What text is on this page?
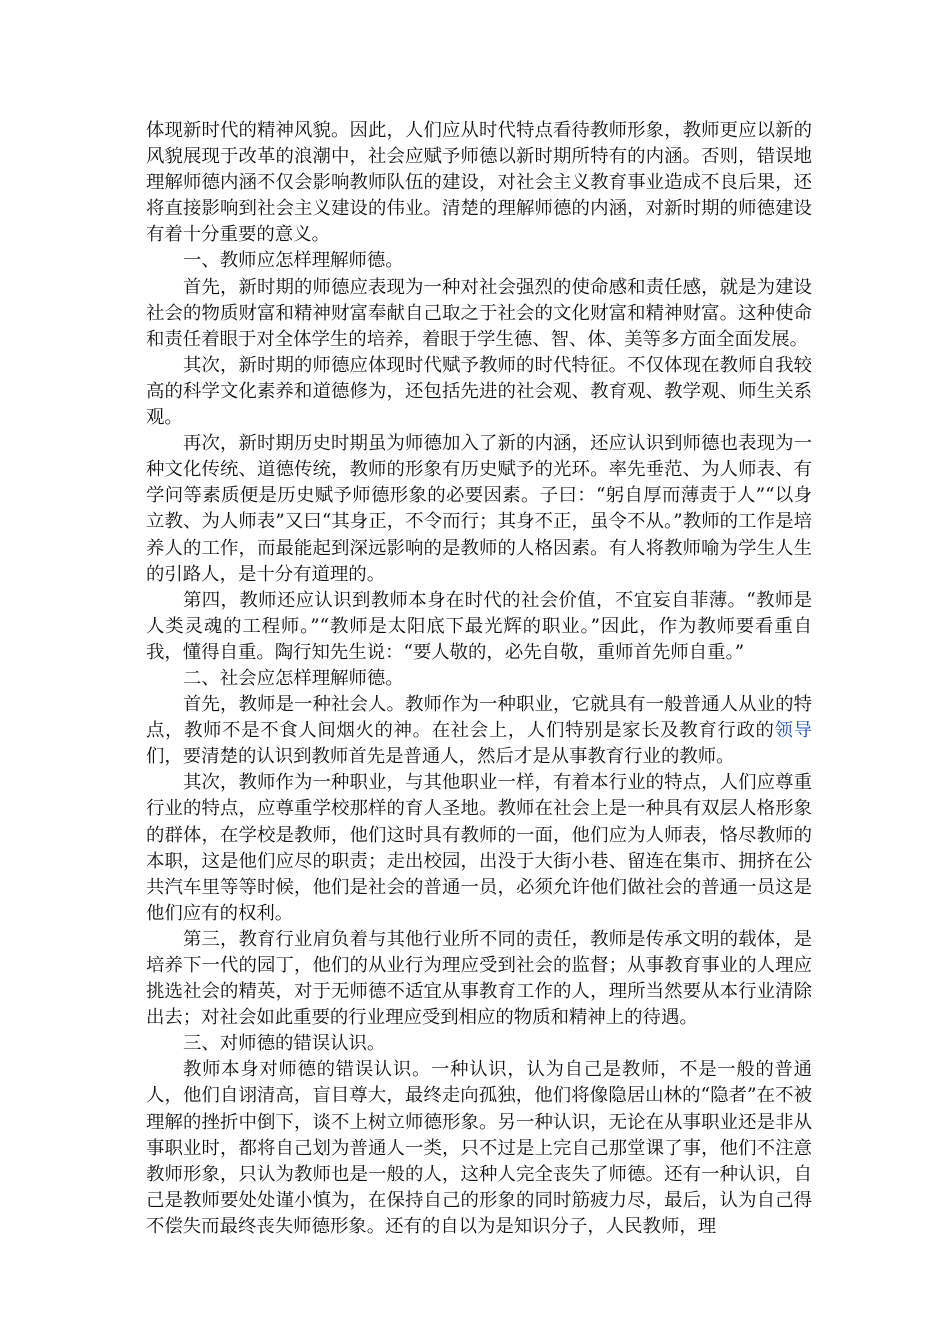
体现新时代的精神风貌。因此，人们应从时代特点看待教师形象，教师更应以新的风貌展现于改革的浪潮中，社会应赋予师德以新时期所特有的内涵。否则，错误地理解师德内涵不仅会影响教师队伍的建设，对社会主义教育事业造成不良后果，还将直接影响到社会主义建设的伟业。清楚的理解师德的内涵，对新时期的师德建设有着十分重要的意义。

一、教师应怎样理解师德。

首先，新时期的师德应表现为一种对社会强烈的使命感和责任感，就是为建设社会的物质财富和精神财富奉献自己取之于社会的文化财富和精神财富。这种使命和责任着眼于对全体学生的培养，着眼于学生德、智、体、美等多方面全面发展。

其次，新时期的师德应体现时代赋予教师的时代特征。不仅体现在教师自我较高的科学文化素养和道德修为，还包括先进的社会观、教育观、教学观、师生关系观。

再次，新时期历史时期虽为师德加入了新的内涵，还应认识到师德也表现为一种文化传统、道德传统，教师的形象有历史赋予的光环。率先垂范、为人师表、有学问等素质便是历史赋予师德形象的必要因素。子曰：“躬自厚而薄责于人”“以身立教、为人师表”又曰“其身正，不令而行；其身不正，虽令不从。”教师的工作是培养人的工作，而最能起到深远影响的是教师的人格因素。有人将教师喻为学生人生的引路人，是十分有道理的。

第四，教师还应认识到教师本身在时代的社会价值，不宜妄自菲薄。“教师是人类灵魂的工程师。”“教师是太阳底下最光辉的职业。”因此，作为教师要看重自我，懂得自重。陶行知先生说：“要人敬的，必先自敬，重师首先师自重。”

二、社会应怎样理解师德。

首先，教师是一种社会人。教师作为一种职业，它就具有一般普通人从业的特点，教师不是不食人间烟火的神。在社会上，人们特别是家长及教育行政的领导们，要清楚的认识到教师首先是普通人，然后才是从事教育行业的教师。

其次，教师作为一种职业，与其他职业一样，有着本行业的特点，人们应尊重行业的特点，应尊重学校那样的育人圣地。教师在社会上是一种具有双层人格形象的群体，在学校是教师，他们这时具有教师的一面，他们应为人师表，恪尽教师的本职，这是他们应尽的职责；走出校园，出没于大街小巷、留连在集市、拥挤在公共汽车里等等时候，他们是社会的普通一员，必须允许他们做社会的普通一员这是他们应有的权利。

第三，教育行业肩负着与其他行业所不同的责任，教师是传承文明的载体，是培养下一代的园丁，他们的从业行为理应受到社会的监督；从事教育事业的人理应挑选社会的精英，对于无师德不适宜从事教育工作的人，理所当然要从本行业清除出去；对社会如此重要的行业理应受到相应的物质和精神上的待遇。

三、对师德的错误认识。

教师本身对师德的错误认识。一种认识，认为自己是教师，不是一般的普通人，他们自诩清高，盲目尊大，最终走向孤独，他们将像隐居山林的“隐者”在不被理解的挫折中倒下，谈不上树立师德形象。另一种认识，无论在从事职业还是非从事职业时，都将自己划为普通人一类，只不过是上完自己那堂课了事，他们不注意教师形象，只认为教师也是一般的人，这种人完全丧失了师德。还有一种认识，自己是教师要处处谨小慎为，在保持自己的形象的同时筋疲力尽，最后，认为自己得不偿失而最终丧失师德形象。还有的自以为是知识分子，人民教师，理
